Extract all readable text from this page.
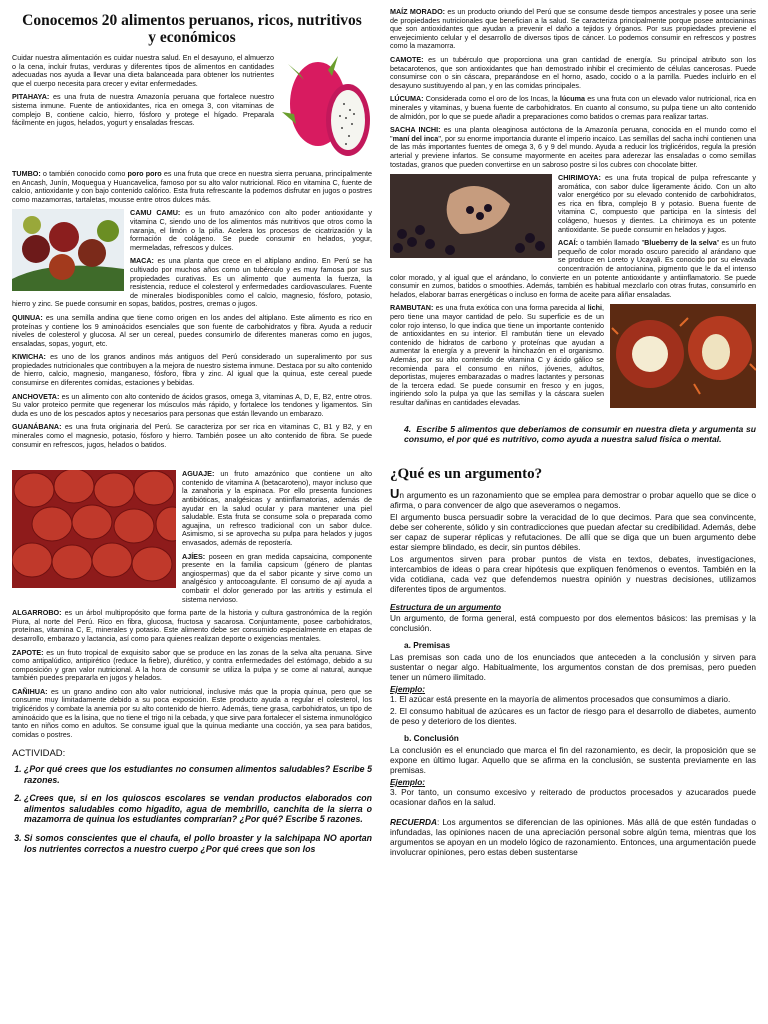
Conocemos 20 alimentos peruanos, ricos, nutritivos y económicos

Cuidar nuestra alimentación es cuidar nuestra salud. En el desayuno, el almuerzo o la cena, incluir frutas, verduras y diferentes tipos de alimentos en cantidades adecuadas nos ayuda a llevar una dieta balanceada para obtener los nutrientes que el cuerpo necesita para crecer y evitar enfermedades.

PITAHAYA: es una fruta de nuestra Amazonía peruana que fortalece nuestro sistema inmune. Fuente de antioxidantes, rica en omega 3, con vitaminas de complejo B, contiene calcio, hierro, fósforo y protege el hígado. Preparala fácilmente en jugos, helados, yogurt y ensaladas frescas.

TUMBO: o también conocido como poro poro es una fruta que crece en nuestra sierra peruana, principalmente en Ancash, Junín, Moquegua y Huancavelica, famoso por su alto valor nutricional. Rico en vitamina C, fuente de calcio, antioxidante y con bajo contenido calórico. Esta fruta refrescante la podemos disfrutar en jugos o postres como mazamorras, tartaletas, mousse entre otros dulces más.

CAMU CAMU: es un fruto amazónico con alto poder antioxidante y vitamina C, siendo uno de los alimentos más nutritivos que otros como la naranja, el limón o la piña. Acelera los procesos de cicatrización y la formación de colágeno. Se puede consumir en helados, yogur, mermeladas, refrescos y dulces.

MACA: es una planta que crece en el altiplano andino. En Perú se ha cultivado por muchos años como un tubérculo y es muy famosa por sus propiedades curativas. Es un alimento que aumenta la fuerza, la resistencia, reduce el colesterol y enfermedades cardiovasculares. Fuente de minerales biodisponibles como el calcio, magnesio, fósforo, potasio, hierro y zinc. Se puede consumir en sopas, batidos, postres, cremas o jugos.

QUINUA: es una semilla andina que tiene como origen en los andes del altiplano. Este alimento es rico en proteínas y contiene los 9 aminoácidos esenciales que son fuente de carbohidratos y fibra. Ayuda a reducir niveles de colesterol y glucosa. Al ser un cereal, puedes consumirlo de diferentes maneras como en jugos, ensaladas, sopas, yogurt, etc.

KIWICHA: es uno de los granos andinos más antiguos del Perú considerado un superalimento por sus propiedades nutricionales que contribuyen a la mejora de nuestro sistema inmune. Destaca por su alto contenido de hierro, calcio, magnesio, manganeso, fósforo, fibra y zinc. Al igual que la quinua, este cereal puede consumirse en diferentes comidas, estaciones y bebidas.

ANCHOVETA: es un alimento con alto contenido de ácidos grasos, omega 3, vitaminas A, D, E, B2, entre otros. Su valor proteico permite que regenerar los músculos más rápido, y fortalece los tendones y ligamentos. Sin duda es uno de los pescados aptos y necesarios para personas que están llevando un embarazo.

GUANÁBANA: es una fruta originaria del Perú. Se caracteriza por ser rica en vitaminas C, B1 y B2, y en minerales como el magnesio, potasio, fósforo y hierro. También posee un alto contenido de fibra. Se puede consumir en refrescos, jugos, helados o batidos.

AGUAJE: un fruto amazónico que contiene un alto contenido de vitamina A (betacaroteno), mayor incluso que la zanahoria y la espinaca. Por ello presenta funciones antibióticas, analgésicas y antiinflamatorias, además de ayudar en la salud ocular y para mantener una piel saludable. Esta fruta se consume sola o preparada como aguajina, un refresco tradicional con un sabor dulce. Asimismo, si se aprovecha su pulpa para helados y jugos envasados, además de repostería.

AJÍES: poseen en gran medida capsaicina, componente presente en la familia capsicum (género de plantas angiospermas) que da el sabor picante y sirve como un analgésico y antocoagulante. El consumo de ají ayuda a combatir el dolor generado por las artritis y estimula el sistema nervioso.

ALGARROBO: es un árbol multipropósito que forma parte de la historia y cultura gastronómica de la región Piura, al norte del Perú. Rico en fibra, glucosa, fructosa y sacarosa. Conjuntamente, posee carbohidratos, proteínas, vitamina C, E, minerales y potasio. Este alimento debe ser consumido especialmente en etapas de desarrollo, embarazo y lactancia, así como para quienes realizan deporte o exigencias mentales.

ZAPOTE: es un fruto tropical de exquisito sabor que se produce en las zonas de la selva alta peruana. Sirve como antipalúdico, antipirético (reduce la fiebre), diurético, y contra enfermedades del estómago, debido a su composición y gran valor nutricional. A la hora de consumir se utiliza la pulpa y se come al natural, aunque también puedes prepararla en jugos y helados.

CAÑIHUA: es un grano andino con alto valor nutricional, inclusive más que la propia quinua, pero que se consume muy limitadamente debido a su poca exposición. Este producto ayuda a regular el colesterol, los triglicéridos y combate la anemia por su alto contenido de hierro. Además, tiene grasa, carbohidratos, un tipo de aminoácido que es la lisina, que no tiene el trigo ni la cebada, y que sirve para fortalecer el sistema inmunológico tanto en niños como en adultos. Se consume igual que la quinua mediante una cocción, ya sea para batidos, comidas o postres.

ACTIVIDAD:
1. ¿Por qué crees que los estudiantes no consumen alimentos saludables? Escribe 5 razones.
2. ¿Crees que, si en los quioscos escolares se vendan productos elaborados con alimentos saludables como higadito, agua de membrillo, canchita de la sierra o mazamorra de quinua los estudiantes comprarían? ¿Por qué? Escribe 5 razones.
3. Si somos conscientes que el chaufa, el pollo broaster y la salchipapa NO aportan los nutrientes correctos a nuestro cuerpo ¿Por qué crees que son los

MAÍZ MORADO: es un producto oriundo del Perú que se consume desde tiempos ancestrales y posee una serie de propiedades nutricionales que benefician a la salud. Se caracteriza principalmente porque posee antocianinas que son antioxidantes que ayudan a prevenir el daño a tejidos y órganos. Por sus propiedades previene el envejecimiento celular y el desarrollo de diversos tipos de cáncer. Lo podemos consumir en refrescos y postres como la mazamorra.

CAMOTE: es un tubérculo que proporciona una gran cantidad de energía. Su principal atributo son los betacarotenos, que son antioxidantes que han demostrado inhibir el crecimiento de células cancerosas. Puede consumirse con o sin cáscara, preparándose en el horno, asado, cocido o a la parrilla. Puedes incluirlo en el desayuno sustituyendo al pan, y en las comidas principales.

LÚCUMA: Considerada como el oro de los Incas, la lúcuma es una fruta con un elevado valor nutricional, rica en minerales y vitaminas, y buena fuente de carbohidratos. En cuanto al consumo, su pulpa tiene un alto contenido de almidón, por lo que se puede añadir a preparaciones como batidos o cremas para realizar tartas.

SACHA INCHI: es una planta oleaginosa autóctona de la Amazonía peruana, conocida en el mundo como el "maní del inca", por su enorme importancia durante el imperio incaico. Las semillas del sacha inchi contienen una de las más importantes fuentes de omega 3, 6 y 9 del mundo. Ayuda a reducir los triglicéridos, regula la presión arterial y previene infartos. Se consume mayormente en aceites para aderezar las ensaladas o como semillas tostadas, granos que pueden convertirse en un sabroso postre si los cubres con chocolate bitter.

CHIRIMOYA: es una fruta tropical de pulpa refrescante y aromática, con sabor dulce ligeramente ácido. Con un alto valor energético por su elevado contenido de carbohidratos, es rica en fibra, complejo B y potasio. Buena fuente de vitamina C, compuesto que participa en la síntesis del colágeno, huesos y dientes. La chirimoya es un potente antioxidante. Se puede consumir en helados y jugos.

ACAÍ: o también llamado "Blueberry de la selva" es un fruto pequeño de color morado oscuro parecido al arándano que se produce en Loreto y Ucayali. Es conocido por su elevada concentración de antocianina, pigmento que le da el intenso color morado, y al igual que el arándano, lo convierte en un potente antioxidante y antiinflamatorio. Se puede consumir en zumos, batidos o smoothies. Además, también es habitual mezclarlo con otras frutas, consumirlo en helados, elaborar barras energéticas o incluso en forma de aceite para aliñar ensaladas.

RAMBUTAN: es una fruta exótica con una forma parecida al lichi, pero tiene una mayor cantidad de pelo. Su superficie es de un color rojo intenso, lo que indica que tiene un importante contenido de antioxidantes en su interior. El rambután tiene un elevado contenido de hidratos de carbono y proteínas que ayudan a aumentar la energía y a prevenir la hinchazón en el organismo. Además, por su alto contenido de vitamina C y ácido gálico se recomienda para el consumo en niños, jóvenes, adultos, deportistas, mujeres embarazadas o madres lactantes y personas de la tercera edad. Se puede consumir en fresco y en jugos, ingiriendo solo la pulpa ya que las semillas y la cáscara suelen resultar dañinas en cantidades elevadas.

4.  Escribe 5 alimentos que deberíamos de consumir en nuestra dieta y argumenta su consumo, el por qué es nutritivo, como ayuda a nuestra salud física o mental.
¿Qué es un argumento?

Un argumento es un razonamiento que se emplea para demostrar o probar aquello que se dice o afirma, o para convencer de algo que aseveramos o negamos.

El argumento busca persuadir sobre la veracidad de lo que decimos. Para que sea convincente, debe ser coherente, sólido y sin contradicciones que puedan afectar su credibilidad. Además, debe ser capaz de superar réplicas y refutaciones. De allí que se diga que un buen argumento debe estar siempre blindado, es decir, sin puntos débiles.

Los argumentos sirven para probar puntos de vista en textos, debates, investigaciones, intercambios de ideas o para crear hipótesis que expliquen fenómenos o eventos. También en la vida cotidiana, cada vez que defendemos nuestra opinión y nuestras decisiones, utilizamos diferentes tipos de argumentos.

Estructura de un argumento

Un argumento, de forma general, está compuesto por dos elementos básicos: las premisas y la conclusión.

a. Premisas

Las premisas son cada uno de los enunciados que anteceden a la conclusión y sirven para sustentar o negar algo. Habitualmente, los argumentos constan de dos premisas, pero pueden tener un número ilimitado.

Ejemplo:

1. El azúcar está presente en la mayoría de alimentos procesados que consumimos a diario.

2. El consumo habitual de azúcares es un factor de riesgo para el desarrollo de diabetes, aumento de peso y deterioro de los dientes.

b. Conclusión

La conclusión es el enunciado que marca el fin del razonamiento, es decir, la proposición que se expone en último lugar. Aquello que se afirma en la conclusión, se sustenta previamente en las premisas.

Ejemplo:

3. Por tanto, un consumo excesivo y reiterado de productos procesados y azucarados puede ocasionar daños en la salud.

RECUERDA: Los argumentos se diferencian de las opiniones. Más allá de que estén fundadas o infundadas, las opiniones nacen de una apreciación personal sobre algún tema, mientras que los argumentos se apoyan en un modelo lógico de razonamiento. Entonces, una argumentación puede involucrar opiniones, pero estas deben sustentarse
